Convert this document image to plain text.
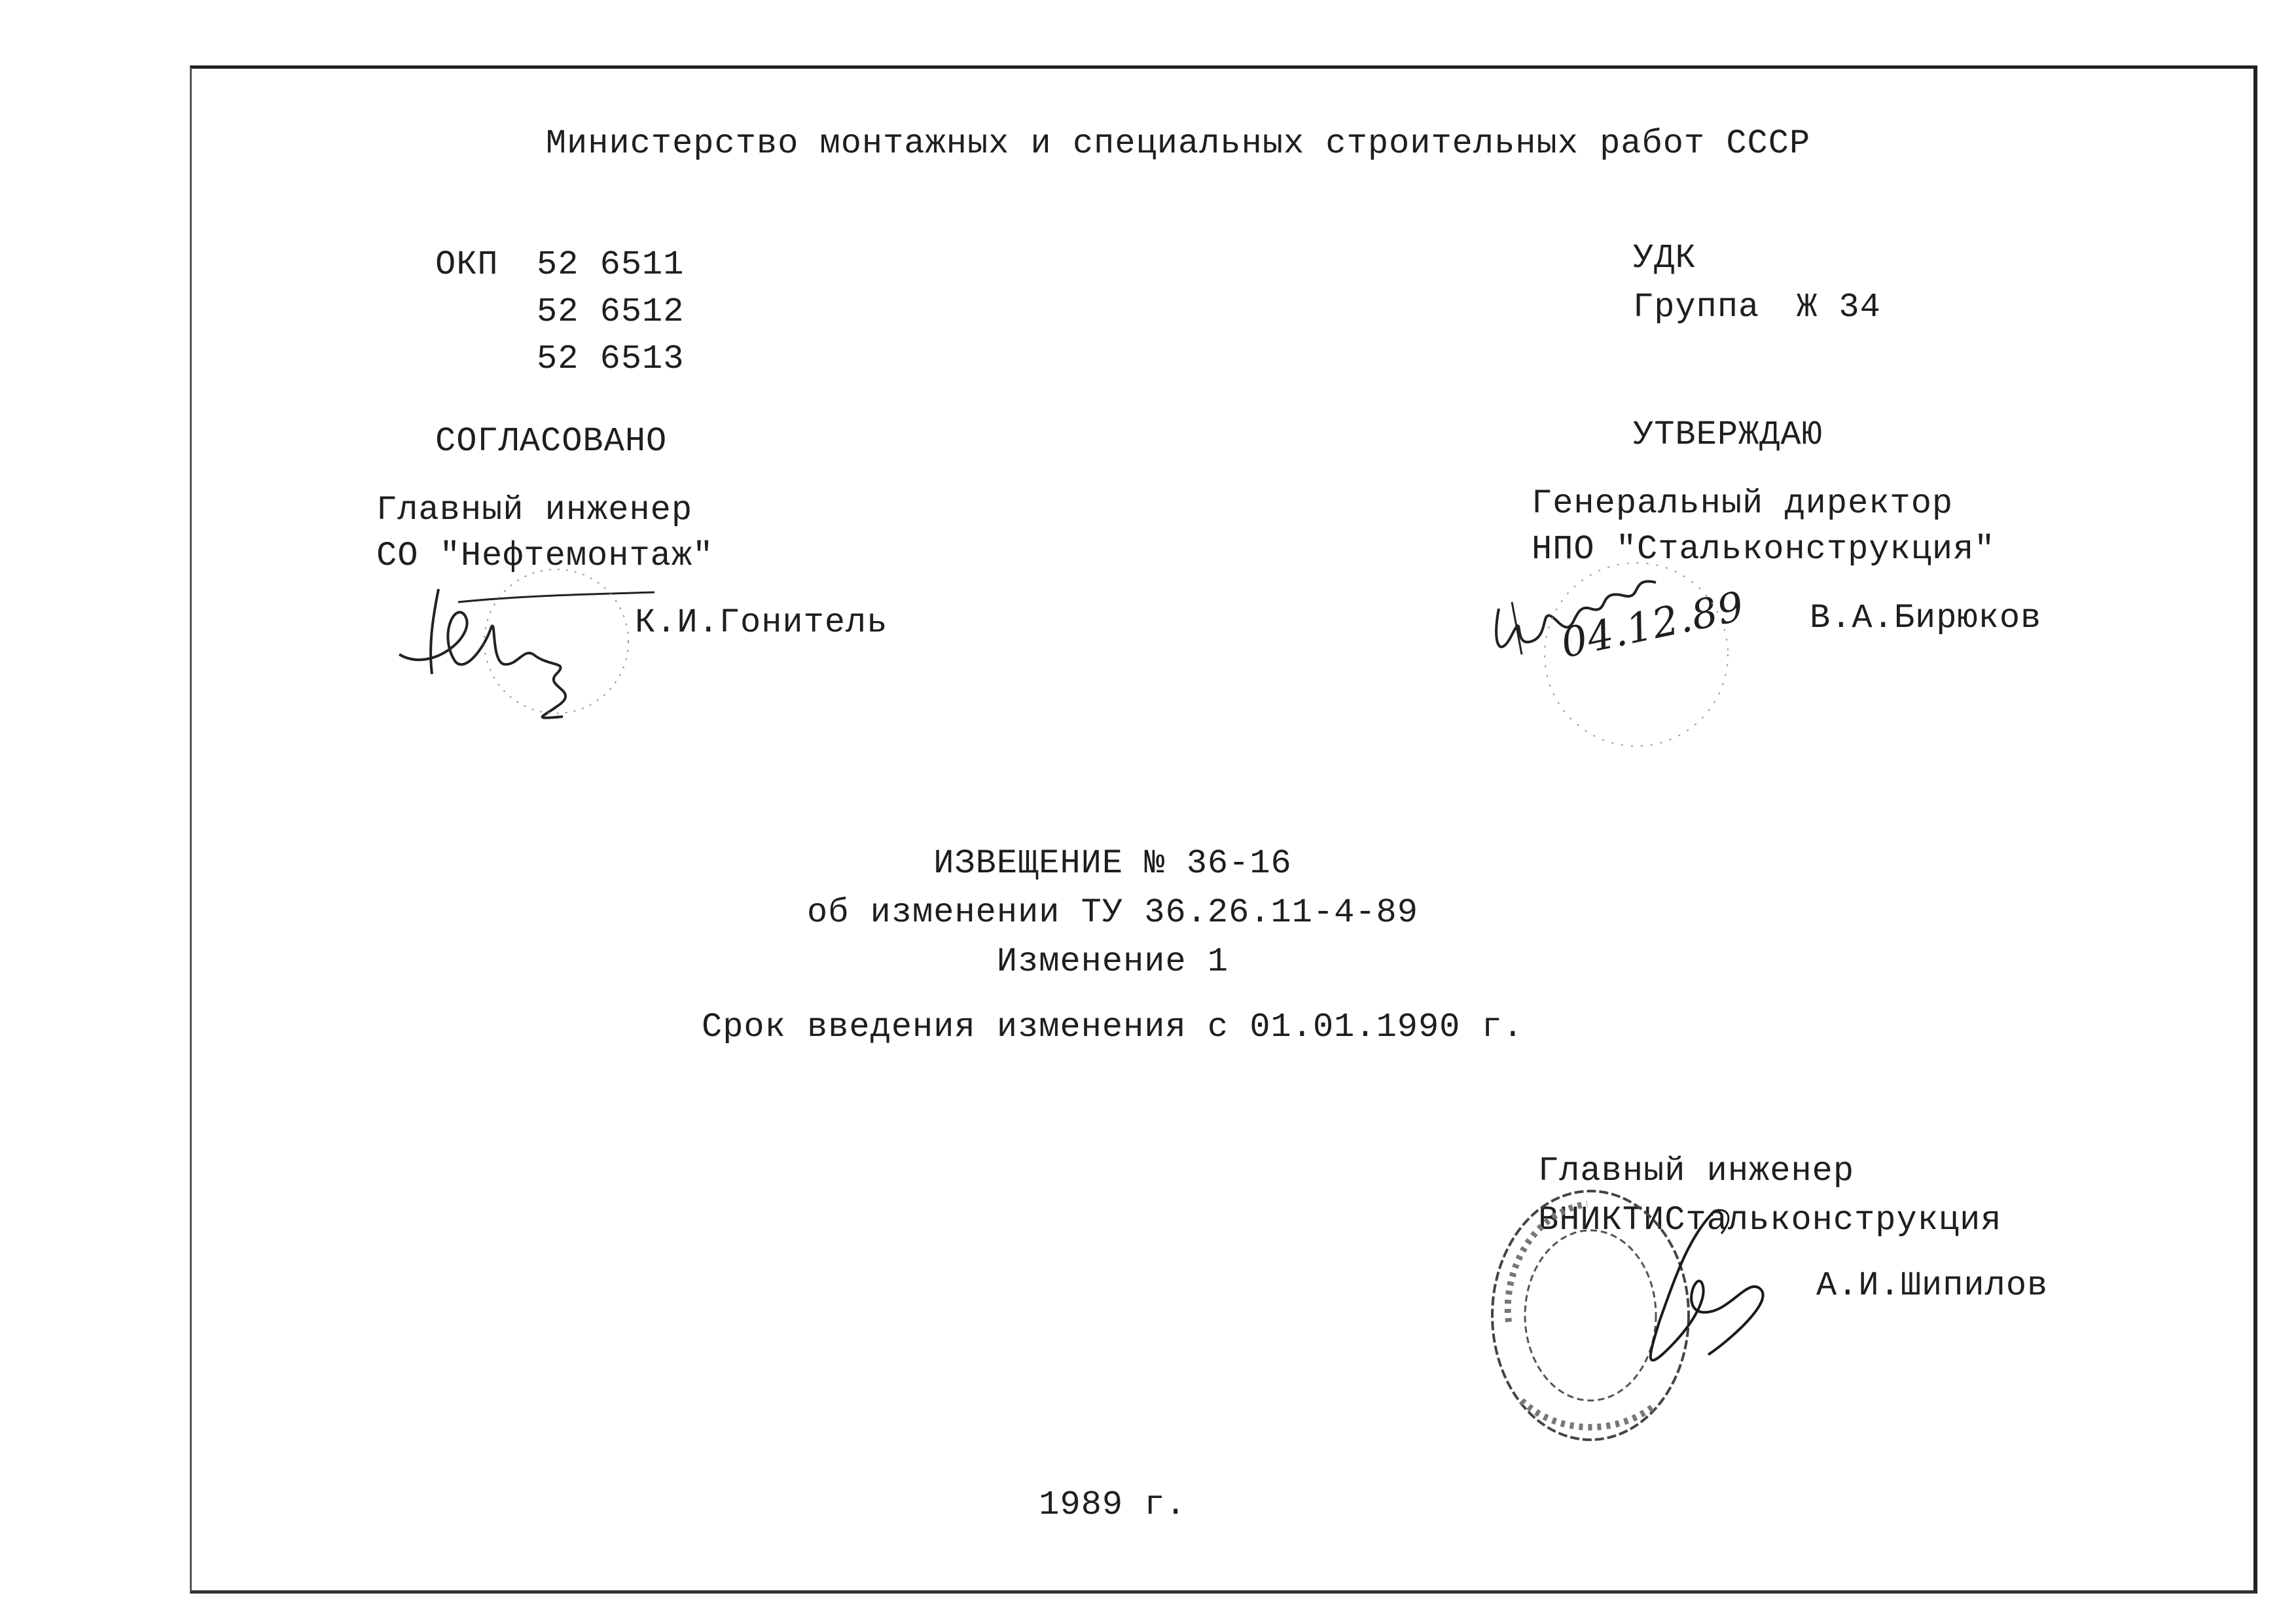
Министерство монтажных и специальных строительных работ СССР
ОКП 52 6511
52 6512
52 6513
УДК
Группа Ж 34
СОГЛАСОВАНО
Главный инженер
СО "Нефтемонтаж"
К.И.Гонитель
УТВЕРЖДАЮ
Генеральный директор
НПО "Стальконструкция"
В.А.Бирюков
04.12.89
ИЗВЕЩЕНИЕ № 36-16
об изменении ТУ 36.26.11-4-89
Изменение 1
Срок введения изменения с 01.01.1990 г.
Главный инженер
ВНИКТИСтальконструкция
А.И.Шипилов
1989 г.
